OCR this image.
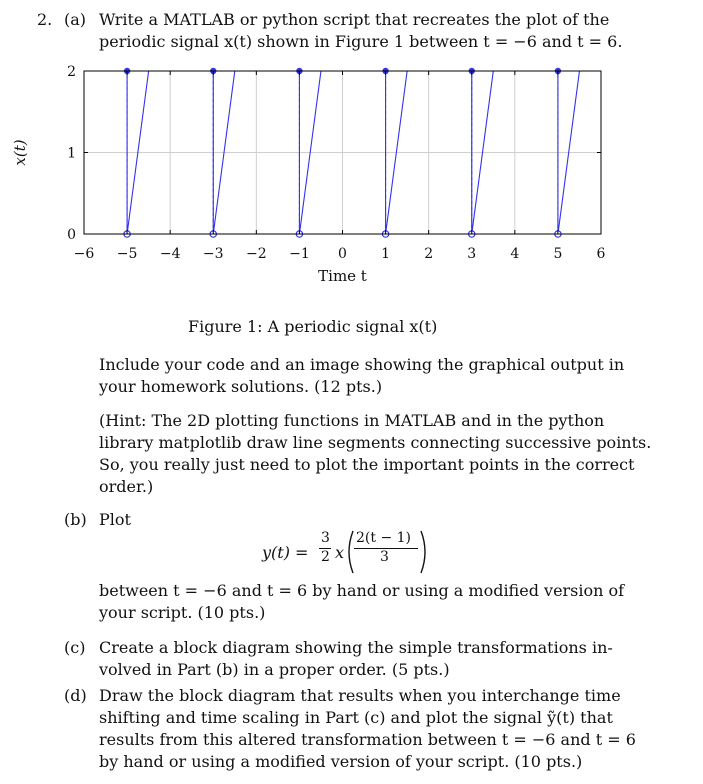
2. (a) Write a MATLAB or python script that recreates the plot of the
periodic signal x(t) shown in Figure 1 between t = −6 and t = 6.
−6 −5 −4 −3 −2 −1 0 1 2 3 4 5 6
0
1
2
Time t
x(t)
Figure 1: A periodic signal x(t)
Include your code and an image showing the graphical output in
your homework solutions. (12 pts.)
(Hint: The 2D plotting functions in MATLAB and in the python
library matplotlib draw line segments connecting successive points.
So, you really just need to plot the important points in the correct
order.)
(b) Plot
y(t) =
3
2 x
2(t − 1)
3
between t = −6 and t = 6 by hand or using a modified version of
your script. (10 pts.)
(c) Create a block diagram showing the simple transformations in-
volved in Part (b) in a proper order. (5 pts.)
(d) Draw the block diagram that results when you interchange time
shifting and time scaling in Part (c) and plot the signal ỹ(t) that
results from this altered transformation between t = −6 and t = 6
by hand or using a modified version of your script. (10 pts.)
